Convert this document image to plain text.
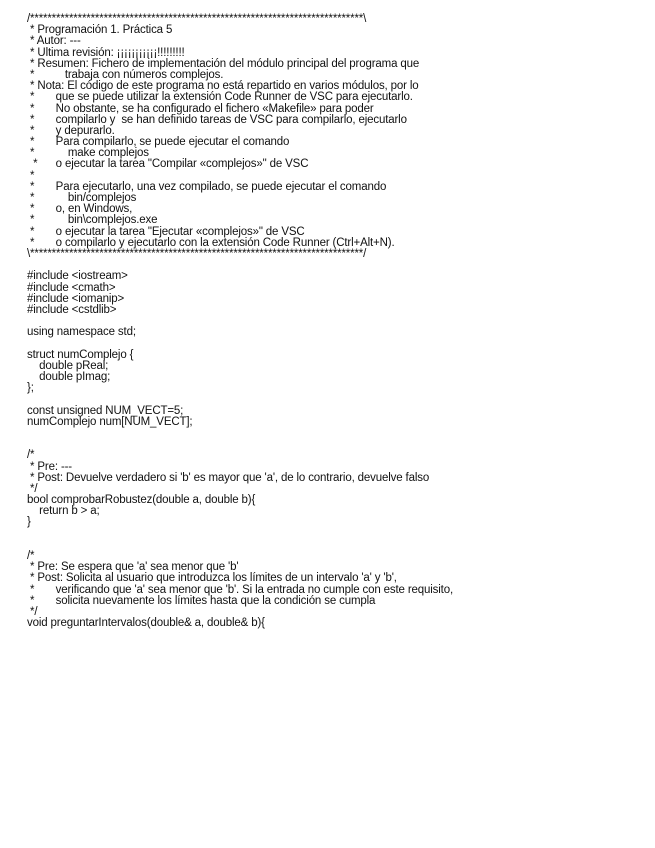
/*****************************************************************************\
* Programación 1. Práctica 5
* Autor: ---
* Ultima revisión: ¡¡¡¡¡¡¡¡¡¡¡!!!!!!!!!
* Resumen: Fichero de implementación del módulo principal del programa que
*          trabaja con números complejos.
* Nota: El código de este programa no está repartido en varios módulos, por lo
*       que se puede utilizar la extensión Code Runner de VSC para ejecutarlo.
*       No obstante, se ha configurado el fichero «Makefile» para poder
*       compilarlo y  se han definido tareas de VSC para compilarlo, ejecutarlo
*       y depurarlo.
*       Para compilarlo, se puede ejecutar el comando
*           make complejos
*      o ejecutar la tarea "Compilar «complejos»" de VSC
*
*       Para ejecutarlo, una vez compilado, se puede ejecutar el comando
*           bin/complejos
*       o, en Windows,
*           bin\complejos.exe
*       o ejecutar la tarea "Ejecutar «complejos»" de VSC
*       o compilarlo y ejecutarlo con la extensión Code Runner (Ctrl+Alt+N).
\*****************************************************************************/
#include <iostream>
#include <cmath>
#include <iomanip>
#include <cstdlib>
using namespace std;
struct numComplejo {
double pReal;
double pImag;
};
const unsigned NUM_VECT=5;
numComplejo num[NUM_VECT];
/*
* Pre: ---
* Post: Devuelve verdadero si 'b' es mayor que 'a', de lo contrario, devuelve falso
*/
bool comprobarRobustez(double a, double b){
return b > a;
}
/*
* Pre: Se espera que 'a' sea menor que 'b'
* Post: Solicita al usuario que introduzca los límites de un intervalo 'a' y 'b',
*       verificando que 'a' sea menor que 'b'. Si la entrada no cumple con este requisito,
*       solicita nuevamente los límites hasta que la condición se cumpla
*/
void preguntarIntervalos(double& a, double& b){
